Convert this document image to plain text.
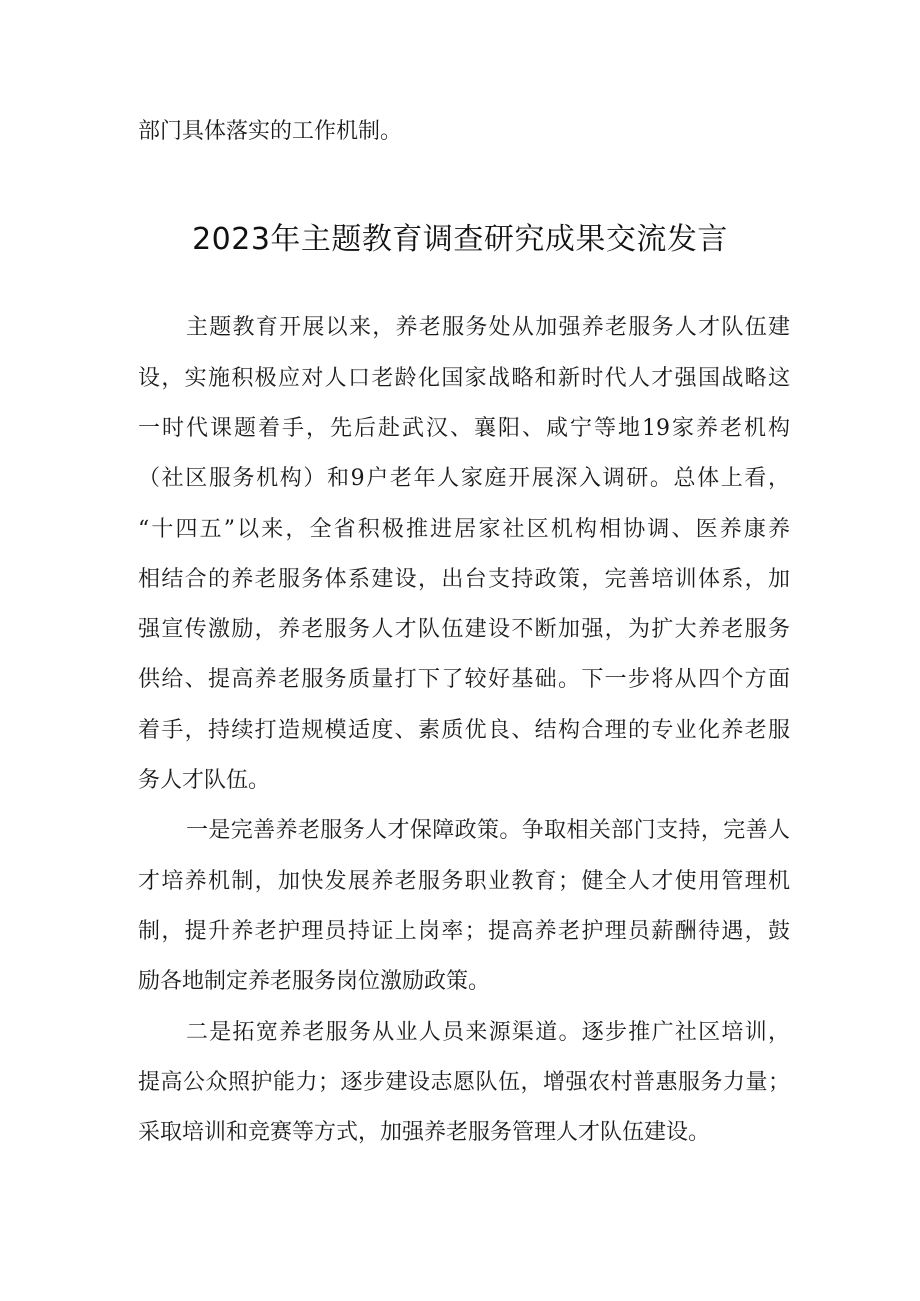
部门具体落实的工作机制。

2023年主题教育调查研究成果交流发言

主题教育开展以来，养老服务处从加强养老服务人才队伍建

设，实施积极应对人口老龄化国家战略和新时代人才强国战略这

一时代课题着手，先后赴武汉、襄阳、咸宁等地19家养老机构

（社区服务机构）和9户老年人家庭开展深入调研。总体上看，

“十四五”以来，全省积极推进居家社区机构相协调、医养康养

相结合的养老服务体系建设，出台支持政策，完善培训体系，加

强宣传激励，养老服务人才队伍建设不断加强，为扩大养老服务

供给、提高养老服务质量打下了较好基础。下一步将从四个方面

着手，持续打造规模适度、素质优良、结构合理的专业化养老服

务人才队伍。

一是完善养老服务人才保障政策。争取相关部门支持，完善人

才培养机制，加快发展养老服务职业教育；健全人才使用管理机

制，提升养老护理员持证上岗率；提高养老护理员薪酬待遇，鼓

励各地制定养老服务岗位激励政策。

二是拓宽养老服务从业人员来源渠道。逐步推广社区培训，

提高公众照护能力；逐步建设志愿队伍，增强农村普惠服务力量；

采取培训和竞赛等方式，加强养老服务管理人才队伍建设。
